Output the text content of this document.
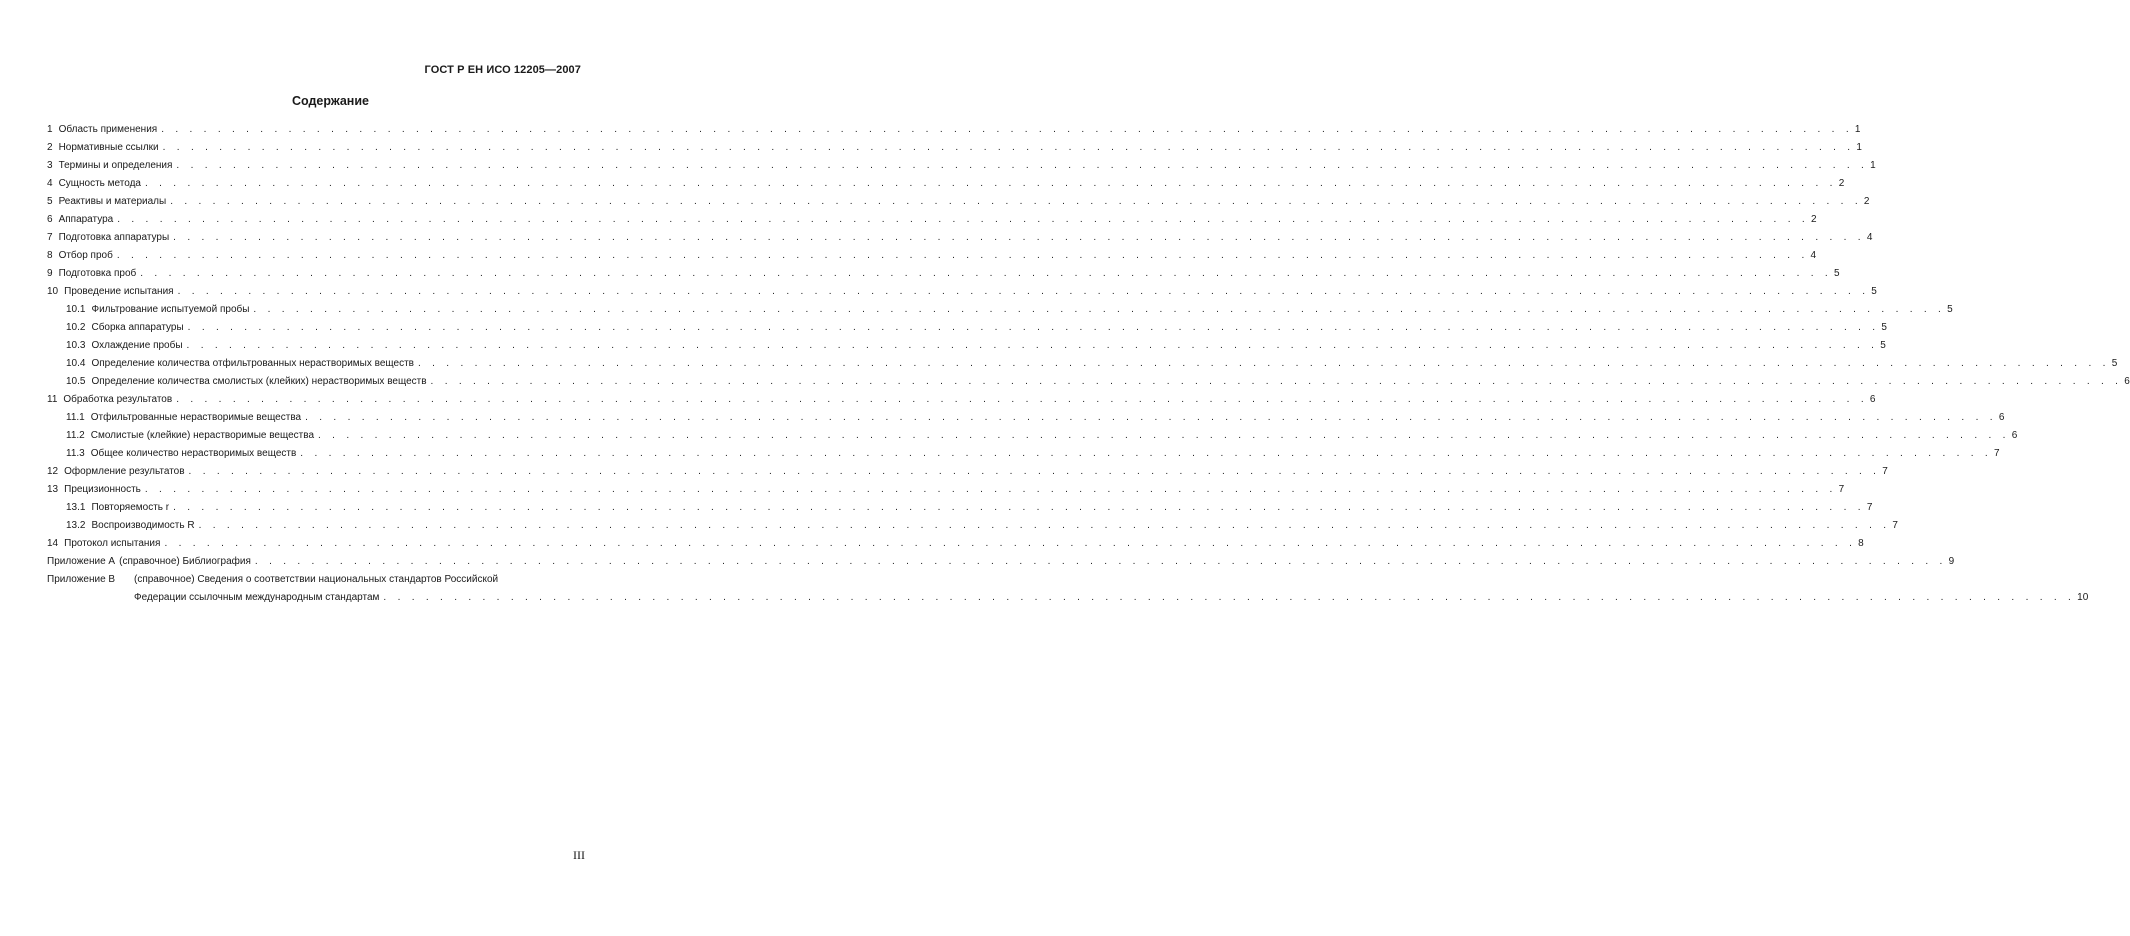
ГОСТ Р ЕН ИСО 12205—2007
Содержание
1 Область применения . . . . . . . . . . . . . . . . . . . . . . . . . . . . . . . . . . . . . . . . . . . . . . . . . . . . . . . . . . . . . . . . . . . . . . . . . . . . . . . . . . . . . . . . . . . . . . . . . . . . . . . . . . . . . . . . . . . . . . . . 1
2 Нормативные ссылки . . . . . . . . . . . . . . . . . . . . . . . . . . . . . . . . . . . . . . . . . . . . . . . . . . . . . . . . . . . . . . . . . . . . . . . . . . . . . . . . . . . . . . . . . . . . . . . . . . . . . . . . . . . . . . . . . . . . . . . . 1
3 Термины и определения . . . . . . . . . . . . . . . . . . . . . . . . . . . . . . . . . . . . . . . . . . . . . . . . . . . . . . . . . . . . . . . . . . . . . . . . . . . . . . . . . . . . . . . . . . . . . . . . . . . . . . . . . . . . . . . . . . . . . . . . 1
4 Сущность метода . . . . . . . . . . . . . . . . . . . . . . . . . . . . . . . . . . . . . . . . . . . . . . . . . . . . . . . . . . . . . . . . . . . . . . . . . . . . . . . . . . . . . . . . . . . . . . . . . . . . . . . . . . . . . . . . . . . . . . . . 2
5 Реактивы и материалы . . . . . . . . . . . . . . . . . . . . . . . . . . . . . . . . . . . . . . . . . . . . . . . . . . . . . . . . . . . . . . . . . . . . . . . . . . . . . . . . . . . . . . . . . . . . . . . . . . . . . . . . . . . . . . . . . . . . . . . . 2
6 Аппаратура . . . . . . . . . . . . . . . . . . . . . . . . . . . . . . . . . . . . . . . . . . . . . . . . . . . . . . . . . . . . . . . . . . . . . . . . . . . . . . . . . . . . . . . . . . . . . . . . . . . . . . . . . . . . . . . . . . . . . . . . 2
7 Подготовка аппаратуры . . . . . . . . . . . . . . . . . . . . . . . . . . . . . . . . . . . . . . . . . . . . . . . . . . . . . . . . . . . . . . . . . . . . . . . . . . . . . . . . . . . . . . . . . . . . . . . . . . . . . . . . . . . . . . . . . . . . . . . . 4
8 Отбор проб . . . . . . . . . . . . . . . . . . . . . . . . . . . . . . . . . . . . . . . . . . . . . . . . . . . . . . . . . . . . . . . . . . . . . . . . . . . . . . . . . . . . . . . . . . . . . . . . . . . . . . . . . . . . . . . . . . . . . . . . 4
9 Подготовка проб . . . . . . . . . . . . . . . . . . . . . . . . . . . . . . . . . . . . . . . . . . . . . . . . . . . . . . . . . . . . . . . . . . . . . . . . . . . . . . . . . . . . . . . . . . . . . . . . . . . . . . . . . . . . . . . . . . . . . . . . 5
10 Проведение испытания . . . . . . . . . . . . . . . . . . . . . . . . . . . . . . . . . . . . . . . . . . . . . . . . . . . . . . . . . . . . . . . . . . . . . . . . . . . . . . . . . . . . . . . . . . . . . . . . . . . . . . . . . . . . . . . . . . . . . . . . 5
10.1 Фильтрование испытуемой пробы . . . . . . . . . . . . . . . . . . . . . . . . . . . . . . . . . . . . . . . . . . . . . . . . . . . . . . . . . . . . . . . . . . . . . . . . . . . . . . . . . . . . . . . . . . . . . . . . . . . . . . . . . . . . . . . . . . . . . . . . 5
10.2 Сборка аппаратуры . . . . . . . . . . . . . . . . . . . . . . . . . . . . . . . . . . . . . . . . . . . . . . . . . . . . . . . . . . . . . . . . . . . . . . . . . . . . . . . . . . . . . . . . . . . . . . . . . . . . . . . . . . . . . . . . . . . . . . . . 5
10.3 Охлаждение пробы . . . . . . . . . . . . . . . . . . . . . . . . . . . . . . . . . . . . . . . . . . . . . . . . . . . . . . . . . . . . . . . . . . . . . . . . . . . . . . . . . . . . . . . . . . . . . . . . . . . . . . . . . . . . . . . . . . . . . . . . 5
10.4 Определение количества отфильтрованных нерастворимых веществ . . . . . . . . . . . . . . . . . . . . . . . . . . . . . . . . . . . . . . . . . . . . . . . . . . . . . . . . . . . . . . . . . . . . . . . . . . . . . . . . . . . . . . . . . . . . . . . . . . . . . . . . . . . . . . . . . . . . . . . . 5
10.5 Определение количества смолистых (клейких) нерастворимых веществ . . . . . . . . . . . . . . . . . . . . . . . . . . . . . . . . . . . . . . . . . . . . . . . . . . . . . . . . . . . . . . . . . . . . . . . . . . . . . . . . . . . . . . . . . . . . . . . . . . . . . . . . . . . . . . . . . . . . . . . . 6
11 Обработка результатов . . . . . . . . . . . . . . . . . . . . . . . . . . . . . . . . . . . . . . . . . . . . . . . . . . . . . . . . . . . . . . . . . . . . . . . . . . . . . . . . . . . . . . . . . . . . . . . . . . . . . . . . . . . . . . . . . . . . . . . . 6
11.1 Отфильтрованные нерастворимые вещества . . . . . . . . . . . . . . . . . . . . . . . . . . . . . . . . . . . . . . . . . . . . . . . . . . . . . . . . . . . . . . . . . . . . . . . . . . . . . . . . . . . . . . . . . . . . . . . . . . . . . . . . . . . . . . . . . . . . . . . . 6
11.2 Смолистые (клейкие) нерастворимые вещества . . . . . . . . . . . . . . . . . . . . . . . . . . . . . . . . . . . . . . . . . . . . . . . . . . . . . . . . . . . . . . . . . . . . . . . . . . . . . . . . . . . . . . . . . . . . . . . . . . . . . . . . . . . . . . . . . . . . . . . . 6
11.3 Общее количество нерастворимых веществ . . . . . . . . . . . . . . . . . . . . . . . . . . . . . . . . . . . . . . . . . . . . . . . . . . . . . . . . . . . . . . . . . . . . . . . . . . . . . . . . . . . . . . . . . . . . . . . . . . . . . . . . . . . . . . . . . . . . . . . . 7
12 Оформление результатов . . . . . . . . . . . . . . . . . . . . . . . . . . . . . . . . . . . . . . . . . . . . . . . . . . . . . . . . . . . . . . . . . . . . . . . . . . . . . . . . . . . . . . . . . . . . . . . . . . . . . . . . . . . . . . . . . . . . . . . . 7
13 Прецизионность . . . . . . . . . . . . . . . . . . . . . . . . . . . . . . . . . . . . . . . . . . . . . . . . . . . . . . . . . . . . . . . . . . . . . . . . . . . . . . . . . . . . . . . . . . . . . . . . . . . . . . . . . . . . . . . . . . . . . . . . 7
13.1 Повторяемость r . . . . . . . . . . . . . . . . . . . . . . . . . . . . . . . . . . . . . . . . . . . . . . . . . . . . . . . . . . . . . . . . . . . . . . . . . . . . . . . . . . . . . . . . . . . . . . . . . . . . . . . . . . . . . . . . . . . . . . . . 7
13.2 Воспроизводимость R . . . . . . . . . . . . . . . . . . . . . . . . . . . . . . . . . . . . . . . . . . . . . . . . . . . . . . . . . . . . . . . . . . . . . . . . . . . . . . . . . . . . . . . . . . . . . . . . . . . . . . . . . . . . . . . . . . . . . . . . 7
14 Протокол испытания . . . . . . . . . . . . . . . . . . . . . . . . . . . . . . . . . . . . . . . . . . . . . . . . . . . . . . . . . . . . . . . . . . . . . . . . . . . . . . . . . . . . . . . . . . . . . . . . . . . . . . . . . . . . . . . . . . . . . . . . 8
Приложение А (справочное) Библиография . . . . . . . . . . . . . . . . . . . . . . . . . . . . . . . . . . . . . . . . . . . . . . . . . . . . . . . . . . . . . . . . . . . . . . . . . . . . . . . . . . . . . . . . . . . . . . . . . . . . . . . . . . . . . . . . . . . . . . . . 9
Приложение В	(справочное) Сведения о соответствии национальных стандартов Российской
Федерации ссылочным международным стандартам . . . . . . . . . . . . . . . . . . . . . . . . . . . . . . . . . . . . . . . . . . . . . . . . . . . . . . . . . . . . . . . . . . . . . . . . . . . . . . . . . . . . . . . . . . . . . . . . . . . . . . . . . . . . . . . . . . . . . . . . 10
III
